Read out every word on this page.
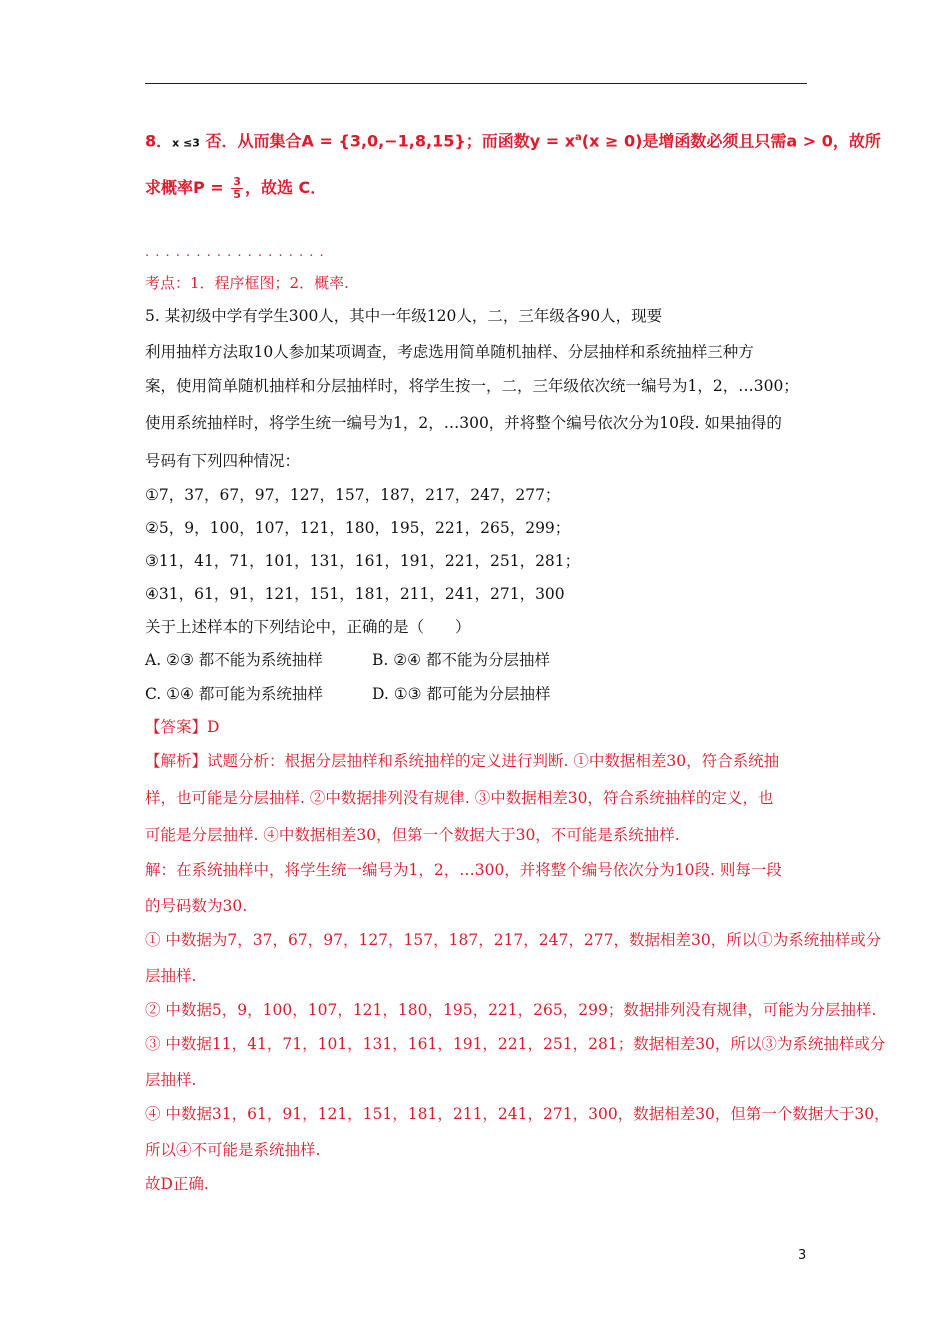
8．x ≤3 否．从而集合A = {3,0,−1,8,15}；而函数$y = x^a(x \ge 0)$是增函数必须且只需a > 0，故所
求概率$P = \frac{3}{5}$ ，故选 C．
. . . . . . . . . . . . . . . . . .
考点：1．程序框图；2．概率.
5. 某初级中学有学生300人，其中一年级120人，二，三年级各90人，现要
利用抽样方法取10人参加某项调查，考虑选用简单随机抽样、分层抽样和系统抽样三种方
案，使用简单随机抽样和分层抽样时，将学生按一，二，三年级依次统一编号为1，2，…300；
使用系统抽样时，将学生统一编号为1，2，…300，并将整个编号依次分为10段. 如果抽得的
号码有下列四种情况：
①7，37，67，97，127，157，187，217，247，277；
②5，9，100，107，121，180，195，221，265，299；
③11，41，71，101，131，161，191，221，251，281；
④31，61，91，121，151，181，211，241，271，300
关于上述样本的下列结论中，正确的是（　　）
A. ②③ 都不能为系统抽样	B. ②④ 都不能为分层抽样
C. ①④ 都可能为系统抽样	D. ①③ 都可能为分层抽样
【答案】D
【解析】试题分析：根据分层抽样和系统抽样的定义进行判断. ①中数据相差30，符合系统抽
样，也可能是分层抽样. ②中数据排列没有规律. ③中数据相差30，符合系统抽样的定义，也
可能是分层抽样. ④中数据相差30，但第一个数据大于30，不可能是系统抽样.
解：在系统抽样中，将学生统一编号为1，2，…300，并将整个编号依次分为10段. 则每一段
的号码数为30.
① 中数据为7，37，67，97，127，157，187，217，247，277，数据相差30，所以①为系统抽样或分
层抽样.
② 中数据5，9，100，107，121，180，195，221，265，299；数据排列没有规律，可能为分层抽样.
③ 中数据11，41，71，101，131，161，191，221，251，281；数据相差30，所以③为系统抽样或分
层抽样.
④ 中数据31，61，91，121，151，181，211，241，271，300，数据相差30，但第一个数据大于30，
所以④不可能是系统抽样.
故D正确.
3
